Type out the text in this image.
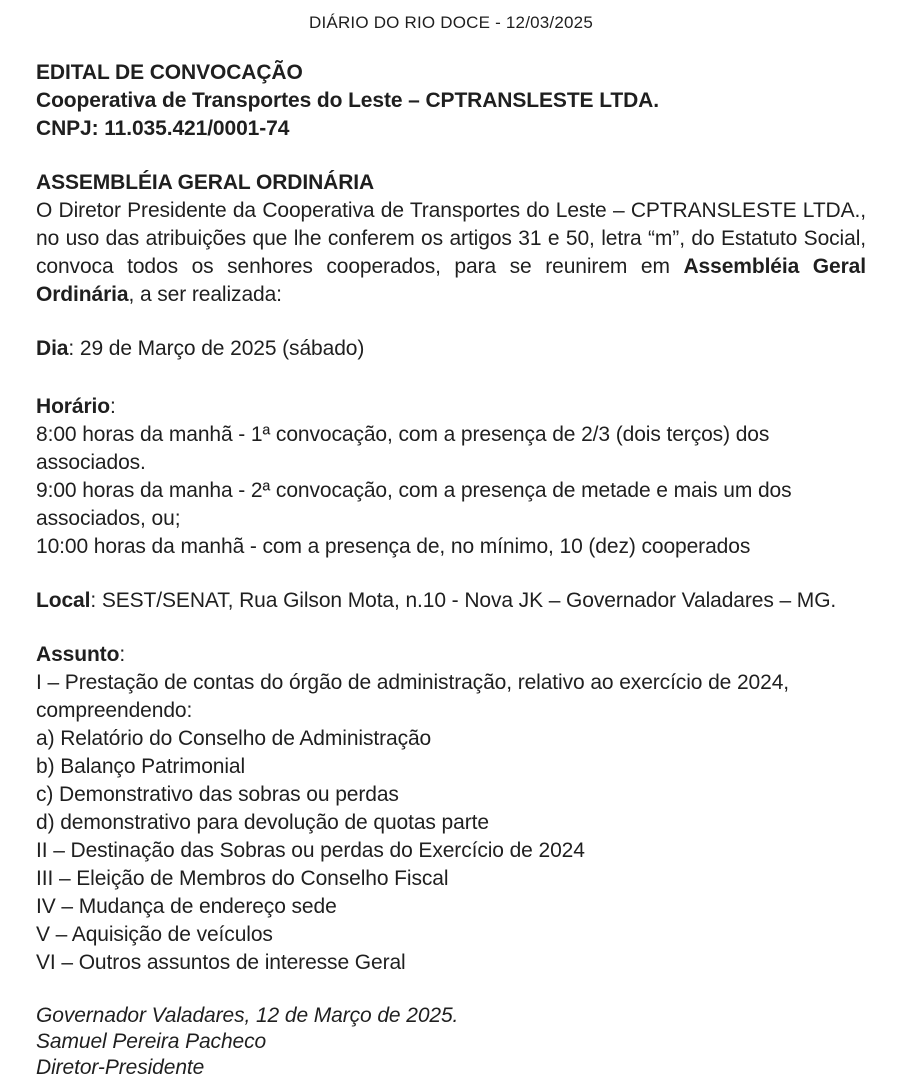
DIÁRIO DO RIO DOCE - 12/03/2025

EDITAL DE CONVOCAÇÃO

Cooperativa de Transportes do Leste – CPTRANSLESTE LTDA.

CNPJ: 11.035.421/0001-74

ASSEMBLÉIA GERAL ORDINÁRIA

O Diretor Presidente da Cooperativa de Transportes do Leste – CPTRANSLESTE LTDA., no uso das atribuições que lhe conferem os artigos 31 e 50, letra “m”, do Estatuto Social, convoca todos os senhores cooperados, para se reunirem em Assembléia Geral Ordinária, a ser realizada:

Dia: 29 de Março de 2025 (sábado)

Horário:

8:00 horas da manhã - 1ª convocação, com a presença de 2/3 (dois terços) dos associados.

9:00 horas da manha - 2ª convocação, com a presença de metade e mais um dos associados, ou;

10:00 horas da manhã - com a presença de, no mínimo, 10 (dez) cooperados

Local: SEST/SENAT, Rua Gilson Mota, n.10 - Nova JK – Governador Valadares – MG.

Assunto:

I – Prestação de contas do órgão de administração, relativo ao exercício de 2024, compreendendo:

a) Relatório do Conselho de Administração

b) Balanço Patrimonial

c) Demonstrativo das sobras ou perdas

d) demonstrativo para devolução de quotas parte

II – Destinação das Sobras ou perdas do Exercício de 2024

III – Eleição de Membros do Conselho Fiscal

IV – Mudança de endereço sede

V – Aquisição de veículos

VI – Outros assuntos de interesse Geral

Governador Valadares, 12 de Março de 2025.

Samuel Pereira Pacheco

Diretor-Presidente
